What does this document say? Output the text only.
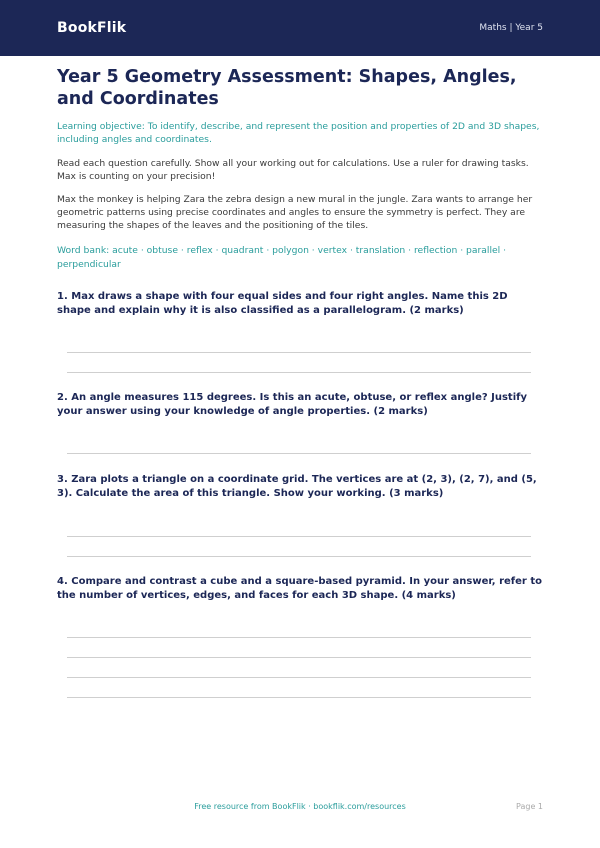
BookFlik	Maths | Year 5
Year 5 Geometry Assessment: Shapes, Angles, and Coordinates

Learning objective: To identify, describe, and represent the position and properties of 2D and 3D shapes, including angles and coordinates.

Read each question carefully. Show all your working out for calculations. Use a ruler for drawing tasks. Max is counting on your precision!

Max the monkey is helping Zara the zebra design a new mural in the jungle. Zara wants to arrange her geometric patterns using precise coordinates and angles to ensure the symmetry is perfect. They are measuring the shapes of the leaves and the positioning of the tiles.

Word bank: acute · obtuse · reflex · quadrant · polygon · vertex · translation · reflection · parallel · perpendicular

1. Max draws a shape with four equal sides and four right angles. Name this 2D shape and explain why it is also classified as a parallelogram. (2 marks)

2. An angle measures 115 degrees. Is this an acute, obtuse, or reflex angle? Justify your answer using your knowledge of angle properties. (2 marks)

3. Zara plots a triangle on a coordinate grid. The vertices are at (2, 3), (2, 7), and (5, 3). Calculate the area of this triangle. Show your working. (3 marks)

4. Compare and contrast a cube and a square-based pyramid. In your answer, refer to the number of vertices, edges, and faces for each 3D shape. (4 marks)

Free resource from BookFlik · bookflik.com/resources	Page 1
